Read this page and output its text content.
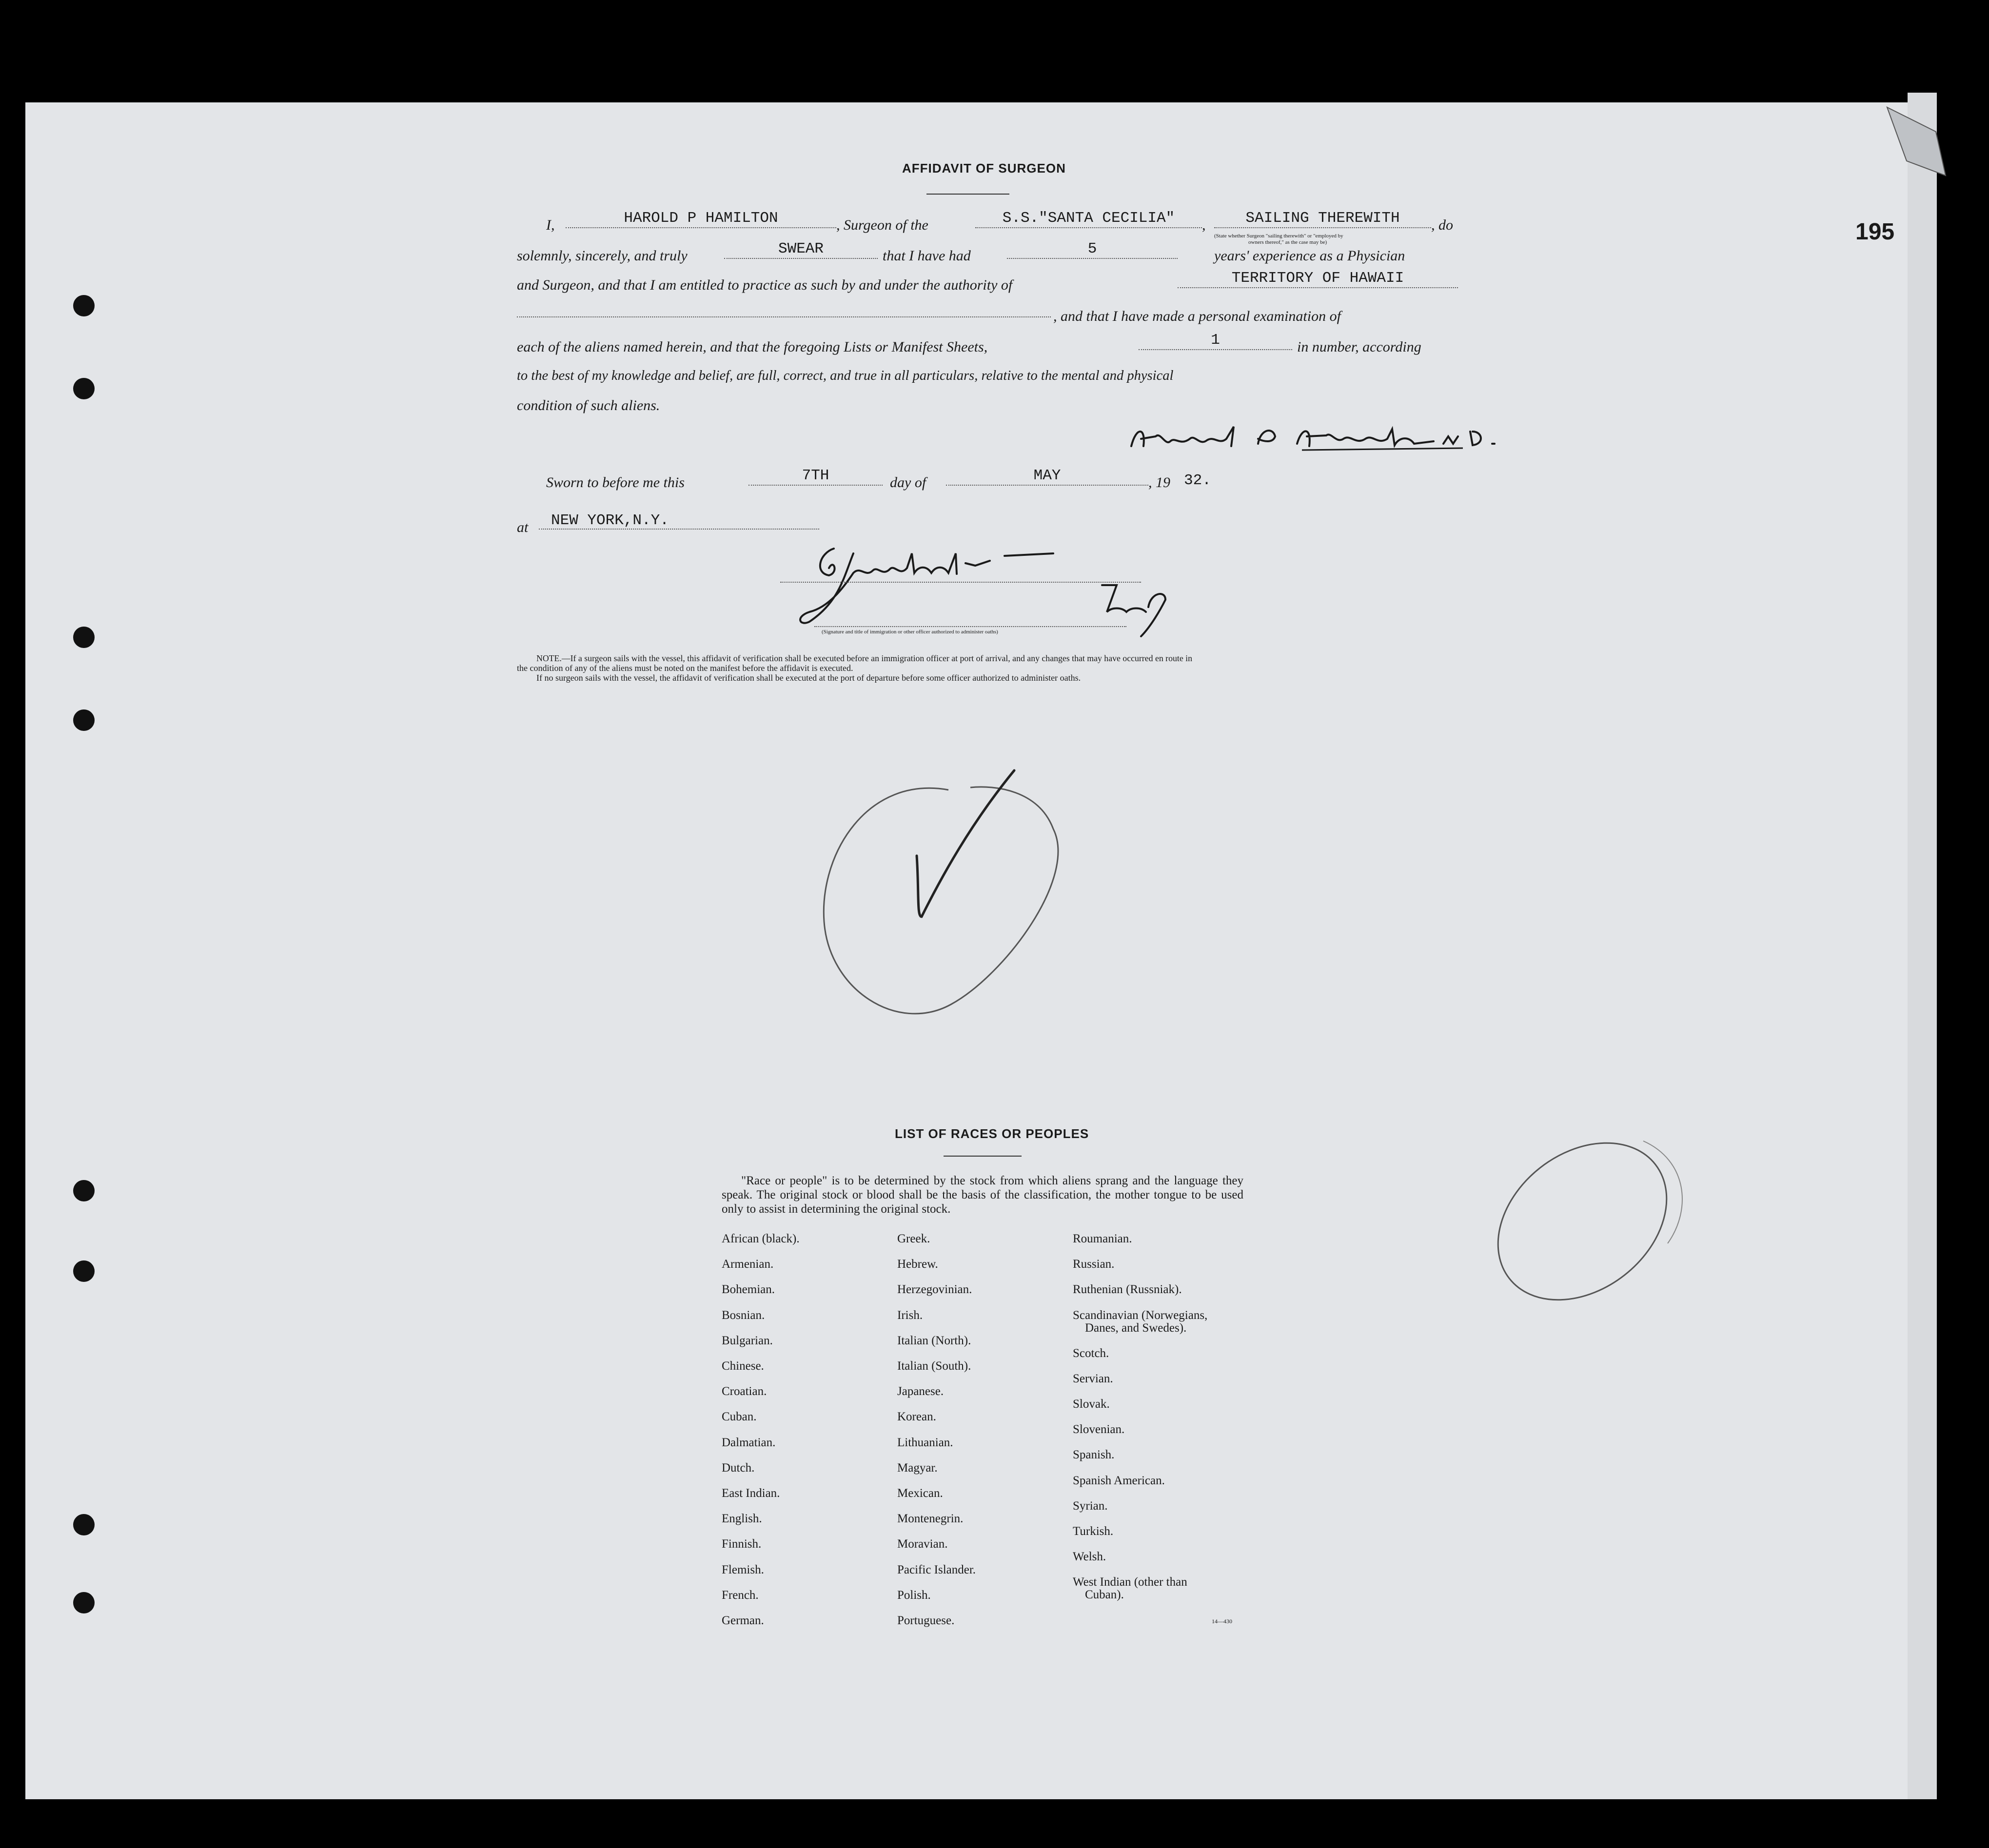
195
AFFIDAVIT OF SURGEON
I,	HAROLD P HAMILTON	, Surgeon of the	S.S."SANTA CECILIA"	,	SAILING THEREWITH	, do
(State whether Surgeon "sailing therewith" or "employed by
owners thereof," as the case may be)
solemnly, sincerely, and truly	SWEAR	that I have had	5	years' experience as a Physician
and Surgeon, and that I am entitled to practice as such by and under the authority of	TERRITORY OF HAWAII
, and that I have made a personal examination of
each of the aliens named herein, and that the foregoing Lists or Manifest Sheets,	1	in number, according
to the best of my knowledge and belief, are full, correct, and true in all particulars, relative to the mental and physical
condition of such aliens.
Sworn to before me this	7TH	day of	MAY	, 19 32.
at	NEW YORK,N.Y.
(Signature and title of immigration or other officer authorized to administer oaths)
NOTE.—If a surgeon sails with the vessel, this affidavit of verification shall be executed before an immigration officer at port of arrival, and any changes that may have occurred en route in
the condition of any of the aliens must be noted on the manifest before the affidavit is executed.
If no surgeon sails with the vessel, the affidavit of verification shall be executed at the port of departure before some officer authorized to administer oaths.
LIST OF RACES OR PEOPLES
"Race or people" is to be determined by the stock from which aliens sprang and the language they speak. The original stock or blood shall be the basis of the classification, the mother tongue to be used only to assist in determining the original stock.
African (black).
Armenian.
Bohemian.
Bosnian.
Bulgarian.
Chinese.
Croatian.
Cuban.
Dalmatian.
Dutch.
East Indian.
English.
Finnish.
Flemish.
French.
German.
Greek.
Hebrew.
Herzegovinian.
Irish.
Italian (North).
Italian (South).
Japanese.
Korean.
Lithuanian.
Magyar.
Mexican.
Montenegrin.
Moravian.
Pacific Islander.
Polish.
Portuguese.
Roumanian.
Russian.
Ruthenian (Russniak).
Scandinavian (Norwegians,
Danes, and Swedes).
Scotch.
Servian.
Slovak.
Slovenian.
Spanish.
Spanish American.
Syrian.
Turkish.
Welsh.
West Indian (other than
Cuban).
14—430
